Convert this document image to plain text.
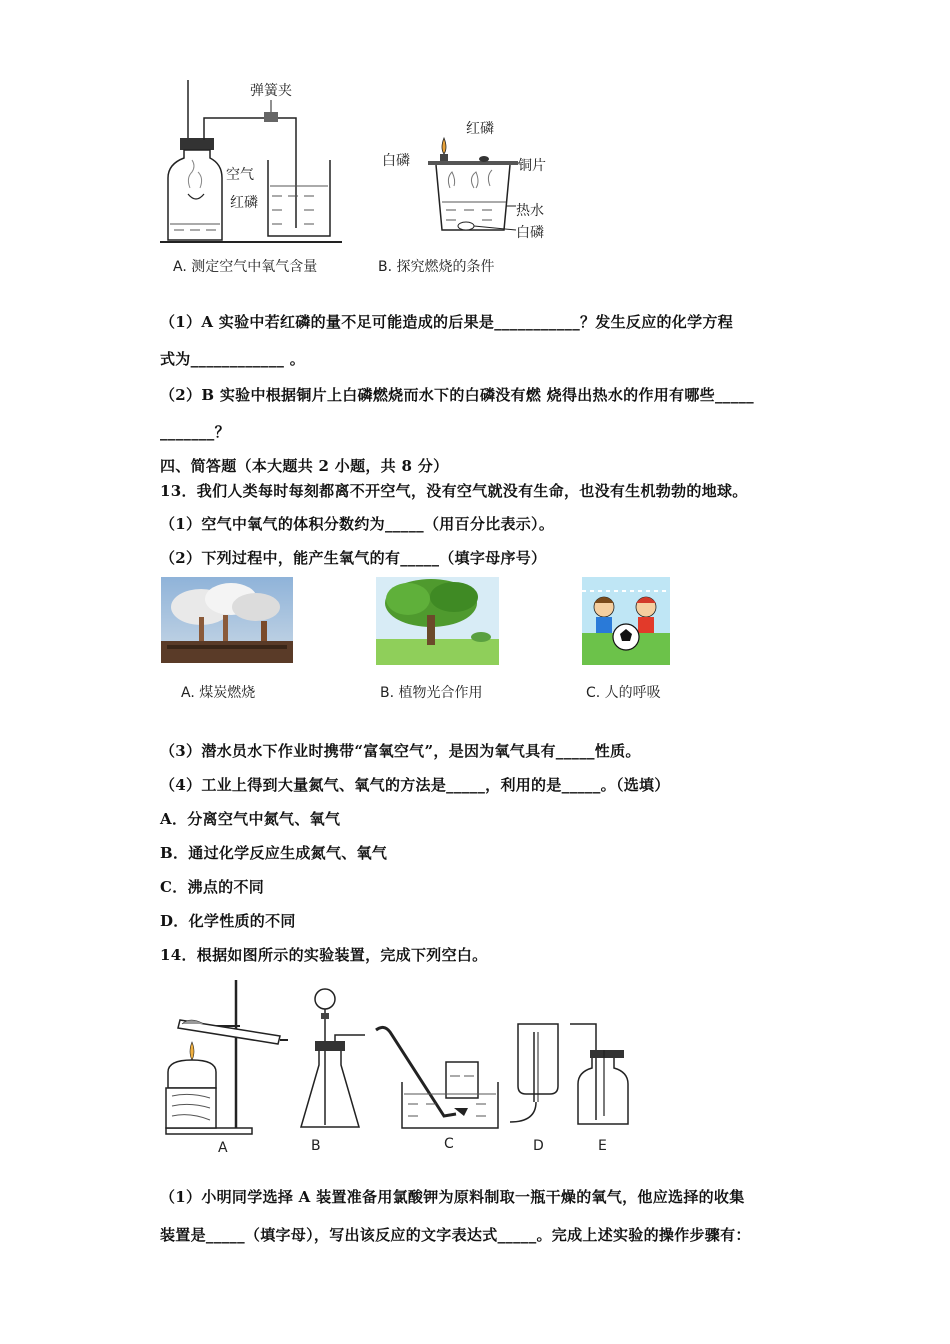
弹簧夹
空气
红磷
红磷
白磷	铜片
热水
白磷
A. 测定空气中氧气含量	B. 探究燃烧的条件
（1）A 实验中若红磷的量不足可能造成的后果是___________？发生反应的化学方程
式为____________ 。
（2）B 实验中根据铜片上白磷燃烧而水下的白磷没有燃 烧得出热水的作用有哪些_____
_______？
四、简答题（本大题共 2 小题，共 8 分）
13．我们人类每时每刻都离不开空气，没有空气就没有生命，也没有生机勃勃的地球。
（1）空气中氧气的体积分数约为_____（用百分比表示）。
（2）下列过程中，能产生氧气的有_____（填字母序号）
A. 煤炭燃烧	B. 植物光合作用	C. 人的呼吸
（3）潜水员水下作业时携带“富氧空气”，是因为氧气具有_____性质。
（4）工业上得到大量氮气、氧气的方法是_____，利用的是_____。（选填）
A．分离空气中氮气、氧气
B．通过化学反应生成氮气、氧气
C．沸点的不同
D．化学性质的不同
14．根据如图所示的实验装置，完成下列空白。
A	B	C	D	E
（1）小明同学选择 A 装置准备用氯酸钾为原料制取一瓶干燥的氧气，他应选择的收集
装置是_____（填字母），写出该反应的文字表达式_____。完成上述实验的操作步骤有：
